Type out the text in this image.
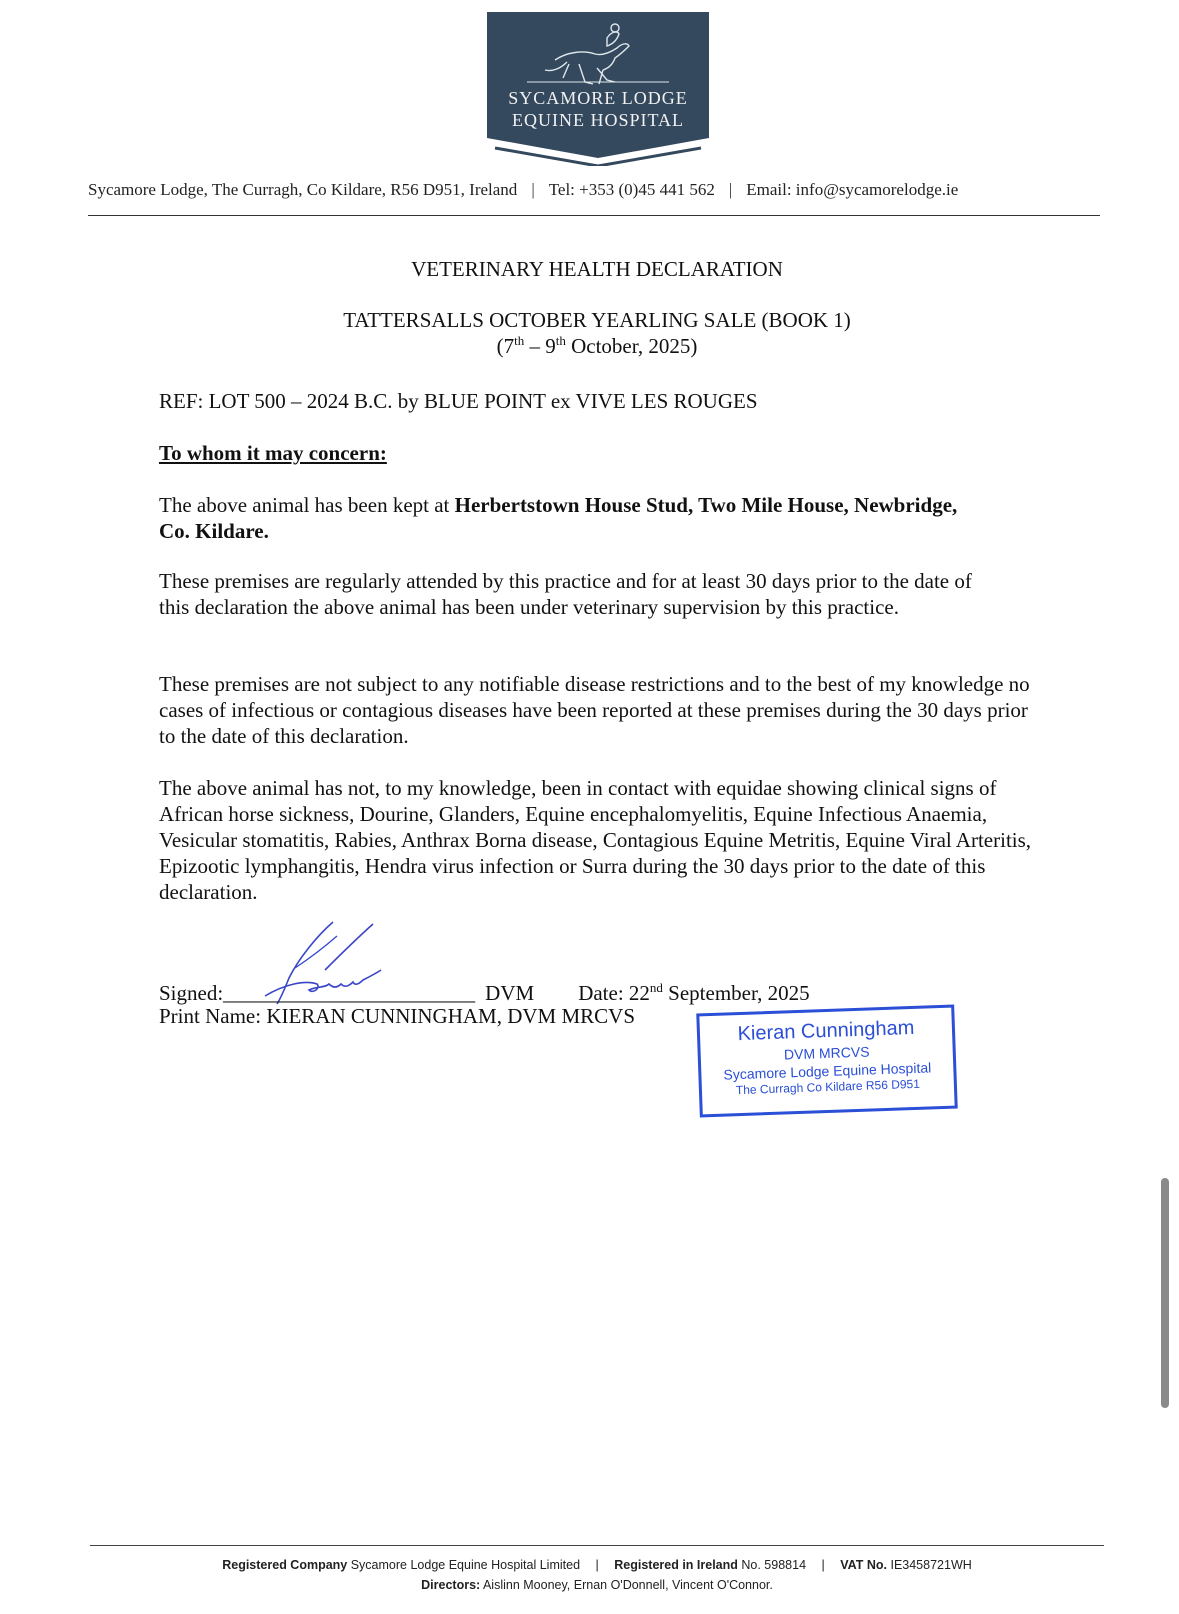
SYCAMORE LODGE
EQUINE HOSPITAL
Sycamore Lodge, The Curragh, Co Kildare, R56 D951, Ireland | Tel: +353 (0)45 441 562 | Email: info@sycamorelodge.ie
VETERINARY HEALTH DECLARATION
TATTERSALLS OCTOBER YEARLING SALE (BOOK 1)
(7th – 9th October, 2025)
REF: LOT 500 – 2024 B.C. by BLUE POINT ex VIVE LES ROUGES
To whom it may concern:
The above animal has been kept at Herbertstown House Stud, Two Mile House, Newbridge, Co. Kildare.
These premises are regularly attended by this practice and for at least 30 days prior to the date of this declaration the above animal has been under veterinary supervision by this practice.
These premises are not subject to any notifiable disease restrictions and to the best of my knowledge no cases of infectious or contagious diseases have been reported at these premises during the 30 days prior to the date of this declaration.
The above animal has not, to my knowledge, been in contact with equidae showing clinical signs of African horse sickness, Dourine, Glanders, Equine encephalomyelitis, Equine Infectious Anaemia, Vesicular stomatitis, Rabies, Anthrax Borna disease, Contagious Equine Metritis, Equine Viral Arteritis, Epizootic lymphangitis, Hendra virus infection or Surra during the 30 days prior to the date of this declaration.
Signed:________________________ DVM Date: 22nd September, 2025
Print Name: KIERAN CUNNINGHAM, DVM MRCVS
Kieran Cunningham
DVM MRCVS
Sycamore Lodge Equine Hospital
The Curragh Co Kildare R56 D951
Registered Company Sycamore Lodge Equine Hospital Limited | Registered in Ireland No. 598814 | VAT No. IE3458721WH
Directors: Aislinn Mooney, Ernan O'Donnell, Vincent O'Connor.
